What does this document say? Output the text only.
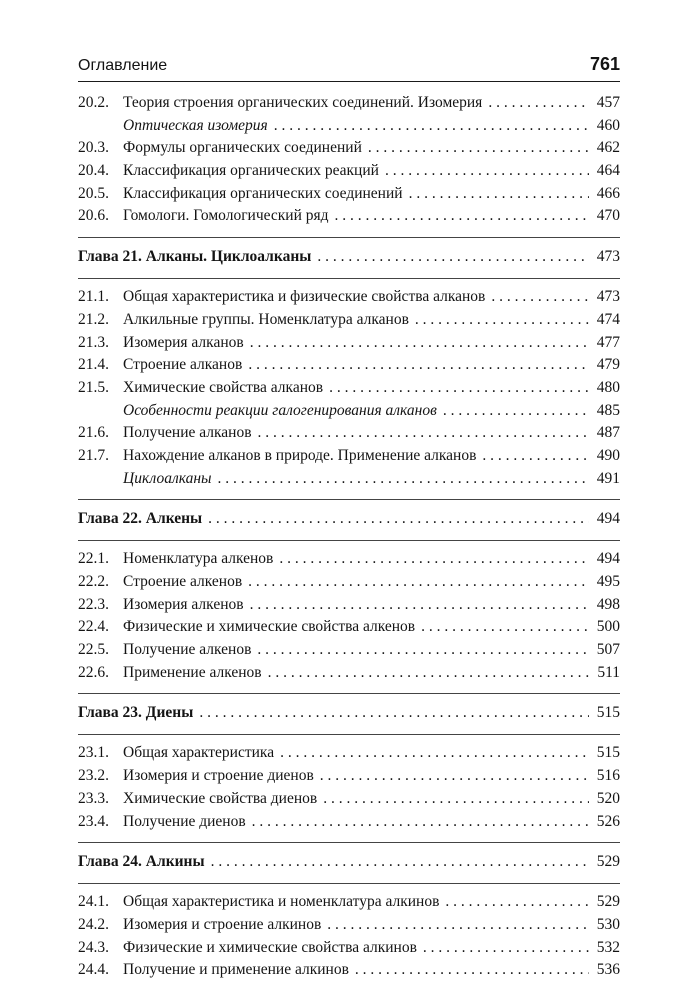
Оглавление	761
20.2. Теория строения органических соединений. Изомерия . . .	457
Оптическая изомерия . . .	460
20.3. Формулы органических соединений . . .	462
20.4. Классификация органических реакций . . .	464
20.5. Классификация органических соединений . . .	466
20.6. Гомологи. Гомологический ряд . . .	470
Глава 21. Алканы. Циклоалканы . . .	473
21.1. Общая характеристика и физические свойства алканов . . .	473
21.2. Алкильные группы. Номенклатура алканов . . .	474
21.3. Изомерия алканов . . .	477
21.4. Строение алканов . . .	479
21.5. Химические свойства алканов . . .	480
Особенности реакции галогенирования алканов . . .	485
21.6. Получение алканов . . .	487
21.7. Нахождение алканов в природе. Применение алканов . . .	490
Циклоалканы . . .	491
Глава 22. Алкены . . .	494
22.1. Номенклатура алкенов . . .	494
22.2. Строение алкенов . . .	495
22.3. Изомерия алкенов . . .	498
22.4. Физические и химические свойства алкенов . . .	500
22.5. Получение алкенов . . .	507
22.6. Применение алкенов . . .	511
Глава 23. Диены . . .	515
23.1. Общая характеристика . . .	515
23.2. Изомерия и строение диенов . . .	516
23.3. Химические свойства диенов . . .	520
23.4. Получение диенов . . .	526
Глава 24. Алкины . . .	529
24.1. Общая характеристика и номенклатура алкинов . . .	529
24.2. Изомерия и строение алкинов . . .	530
24.3. Физические и химические свойства алкинов . . .	532
24.4. Получение и применение алкинов . . .	536
